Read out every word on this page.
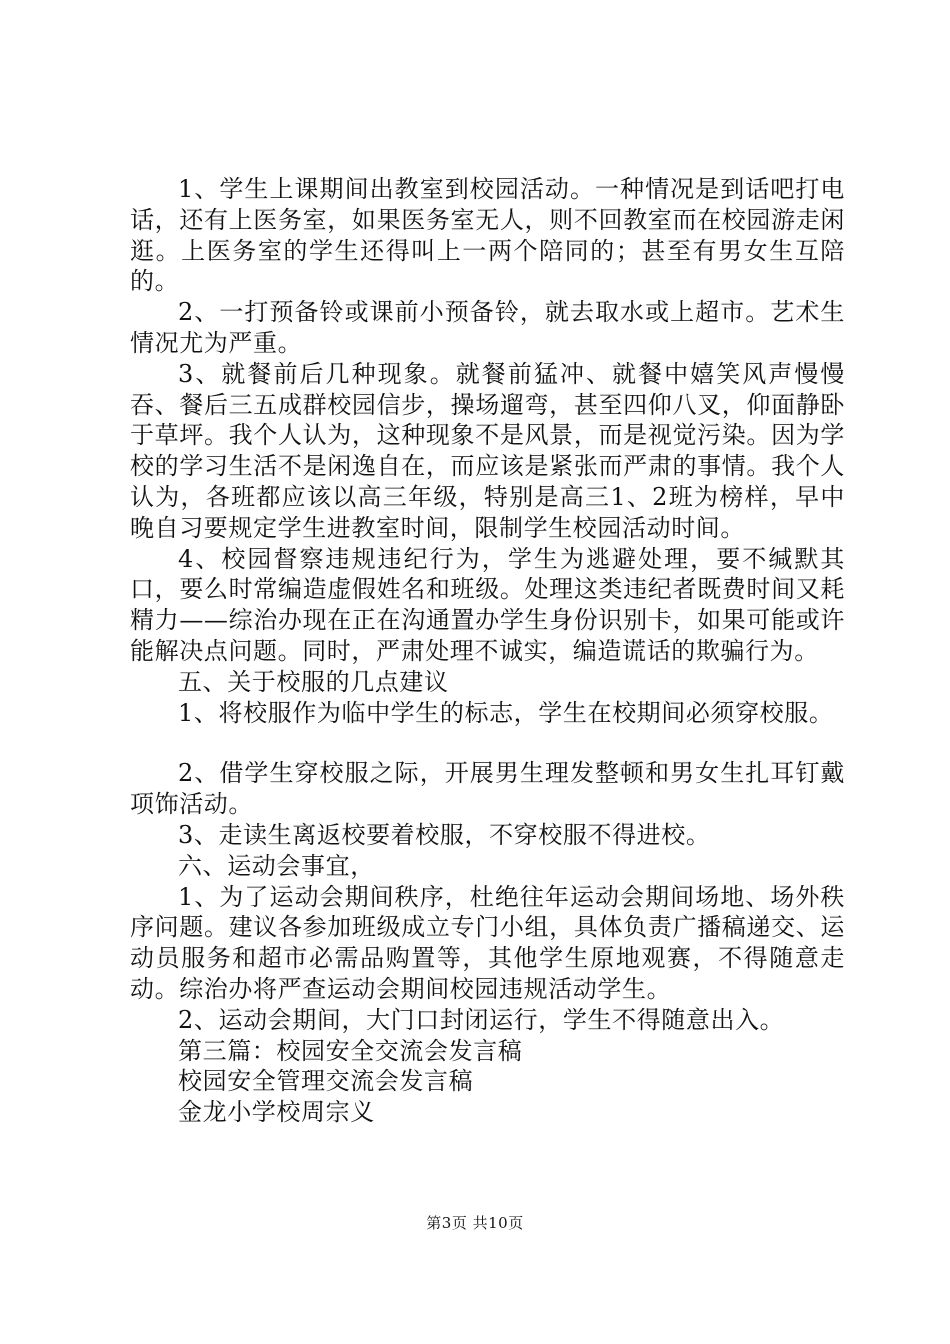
1、学生上课期间出教室到校园活动。一种情况是到话吧打电话，还有上医务室，如果医务室无人，则不回教室而在校园游走闲逛。上医务室的学生还得叫上一两个陪同的；甚至有男女生互陪的。

2、一打预备铃或课前小预备铃，就去取水或上超市。艺术生情况尤为严重。

3、就餐前后几种现象。就餐前猛冲、就餐中嬉笑风声慢慢吞、餐后三五成群校园信步，操场遛弯，甚至四仰八叉，仰面静卧于草坪。我个人认为，这种现象不是风景，而是视觉污染。因为学校的学习生活不是闲逸自在，而应该是紧张而严肃的事情。我个人认为，各班都应该以高三年级，特别是高三1、2班为榜样，早中晚自习要规定学生进教室时间，限制学生校园活动时间。

4、校园督察违规违纪行为，学生为逃避处理，要不缄默其口，要么时常编造虚假姓名和班级。处理这类违纪者既费时间又耗精力——综治办现在正在沟通置办学生身份识别卡，如果可能或许能解决点问题。同时，严肃处理不诚实，编造谎话的欺骗行为。

五、关于校服的几点建议

1、将校服作为临中学生的标志，学生在校期间必须穿校服。

2、借学生穿校服之际，开展男生理发整顿和男女生扎耳钉戴项饰活动。

3、走读生离返校要着校服，不穿校服不得进校。

六、运动会事宜，

1、为了运动会期间秩序，杜绝往年运动会期间场地、场外秩序问题。建议各参加班级成立专门小组，具体负责广播稿递交、运动员服务和超市必需品购置等，其他学生原地观赛，不得随意走动。综治办将严查运动会期间校园违规活动学生。

2、运动会期间，大门口封闭运行，学生不得随意出入。

第三篇：校园安全交流会发言稿

校园安全管理交流会发言稿

金龙小学校周宗义

第3页 共10页
